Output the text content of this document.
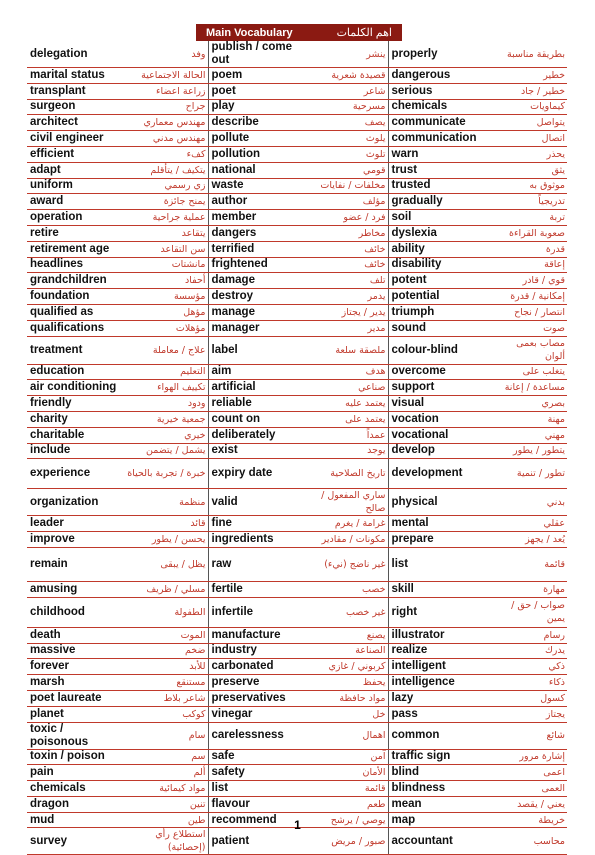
Main Vocabulary	اهم الكلمات
delegation	وفد	publish / come out	ينشر	properly	بطريقة مناسبة
marital status	الحالة الاجتماعية	poem	قصيدة شعرية	dangerous	خطير
transplant	زراعة اعضاء	poet	شاعر	serious	خطير / جاد
surgeon	جراح	play	مسرحية	chemicals	كيماويات
architect	مهندس معماري	describe	يصف	communicate	يتواصل
civil engineer	مهندس مدني	pollute	يلوث	communication	اتصال
efficient	كفء	pollution	تلوث	warn	يحذر
adapt	يتكيف / يتأقلم	national	قومي	trust	يثق
uniform	زي رسمي	waste	مخلفات / نفايات	trusted	موثوق به
award	يمنح جائزة	author	مؤلف	gradually	تدريجياً
operation	عملية جراحية	member	فرد / عضو	soil	تربة
retire	يتقاعد	dangers	مخاطر	dyslexia	صعوبة القراءة
retirement age	سن التقاعد	terrified	خائف	ability	قدرة
headlines	مانشتات	frightened	خائف	disability	إعاقة
grandchildren	أحفاد	damage	تلف	potent	قوي / قادر
foundation	مؤسسة	destroy	يدمر	potential	إمكانية / قدرة
qualified as	مؤهل	manage	يدير / يجتاز	triumph	انتصار / نجاح
qualifications	مؤهلات	manager	مدير	sound	صوت
treatment	علاج / معاملة	label	ملصقة سلعة	colour-blind	مصاب بعمى ألوان
education	التعليم	aim	هدف	overcome	يتغلب على
air conditioning	تكييف الهواء	artificial	صناعي	support	مساعدة / إعانة
friendly	ودود	reliable	يعتمد عليه	visual	بصري
charity	جمعية خيرية	count on	يعتمد على	vocation	مهنة
charitable	خيري	deliberately	عمداً	vocational	مهني
include	يشمل / يتضمن	exist	يوجد	develop	يتطور / يطور
experience	خبرة / تجربة بالحياة	expiry date	تاريخ الصلاحية	development	تطور / تنمية
organization	منظمة	valid	ساري المفعول / صالح	physical	بدني
leader	قائد	fine	غرامة / يغرم	mental	عقلي
improve	يحسن / يطور	ingredients	مكونات / مقادير	prepare	يُعد / يجهز
remain	يظل / يبقى	raw	غير ناضج (نيء)	list	قائمة
amusing	مسلي / ظريف	fertile	خصب	skill	مهارة
childhood	الطفولة	infertile	غير خصب	right	صواب / حق / يمين
death	الموت	manufacture	يصنع	illustrator	رسام
massive	ضخم	industry	الصناعة	realize	يدرك
forever	للأبد	carbonated	كربوني / غازي	intelligent	ذكي
marsh	مستنقع	preserve	يحفظ	intelligence	ذكاء
poet laureate	شاعر بلاط	preservatives	مواد حافظة	lazy	كسول
planet	كوكب	vinegar	خل	pass	يجتاز
toxic / poisonous	سام	carelessness	اهمال	common	شائع
toxin / poison	سم	safe	آمن	traffic sign	إشارة مرور
pain	ألم	safety	الأمان	blind	اعمى
chemicals	مواد كيمائية	list	قائمة	blindness	العمى
dragon	تنين	flavour	طعم	mean	يعني / يقصد
mud	طين	recommend	يوصي / يرشح	map	خريطة
survey	استطلاع رأي (إحصائية)	patient	صبور / مريض	accountant	محاسب
1
